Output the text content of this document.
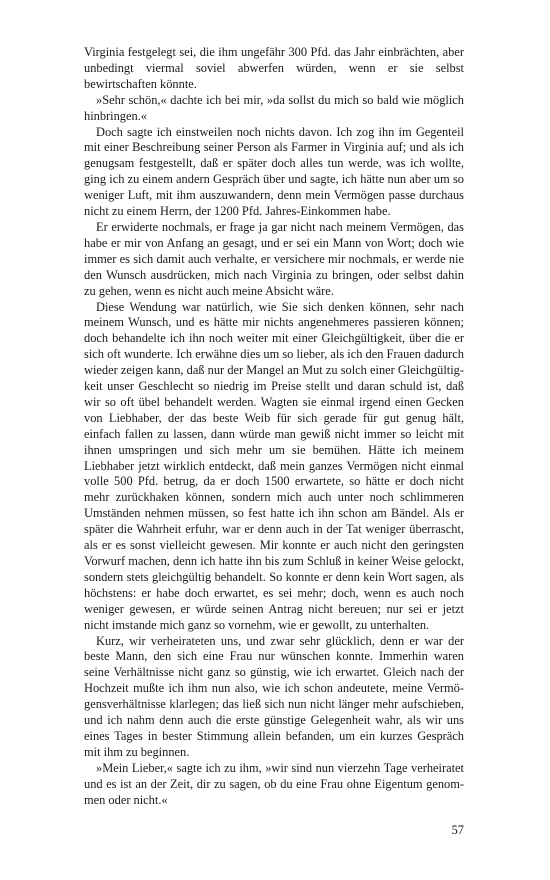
Virginia festgelegt sei, die ihm ungefähr 300 Pfd. das Jahr einbrächten, aber unbedingt viermal soviel abwerfen würden, wenn er sie selbst bewirtschaften könnte.

»Sehr schön,« dachte ich bei mir, »da sollst du mich so bald wie möglich hinbringen.«

Doch sagte ich einstweilen noch nichts davon. Ich zog ihn im Gegenteil mit einer Beschreibung seiner Person als Farmer in Virginia auf; und als ich genugsam festgestellt, daß er später doch alles tun werde, was ich wollte, ging ich zu einem andern Gespräch über und sagte, ich hätte nun aber um so weniger Luft, mit ihm auszuwandern, denn mein Vermögen passe durchaus nicht zu einem Herrn, der 1200 Pfd. Jahres-Einkommen habe.

Er erwiderte nochmals, er frage ja gar nicht nach meinem Vermögen, das habe er mir von Anfang an gesagt, und er sei ein Mann von Wort; doch wie immer es sich damit auch verhalte, er versichere mir nochmals, er werde nie den Wunsch ausdrücken, mich nach Virginia zu bringen, oder selbst dahin zu gehen, wenn es nicht auch meine Absicht wäre.

Diese Wendung war natürlich, wie Sie sich denken können, sehr nach meinem Wunsch, und es hätte mir nichts angenehmeres passieren können; doch behandelte ich ihn noch weiter mit einer Gleichgültigkeit, über die er sich oft wunderte. Ich erwähne dies um so lieber, als ich den Frauen dadurch wieder zeigen kann, daß nur der Mangel an Mut zu solch einer Gleichgültigkeit unser Geschlecht so niedrig im Preise stellt und daran schuld ist, daß wir so oft übel behandelt werden. Wagten sie einmal irgend einen Gecken von Liebhaber, der das beste Weib für sich gerade für gut genug hält, einfach fallen zu lassen, dann würde man gewiß nicht immer so leicht mit ihnen umspringen und sich mehr um sie bemühen. Hätte ich meinem Liebhaber jetzt wirklich entdeckt, daß mein ganzes Vermögen nicht einmal volle 500 Pfd. betrug, da er doch 1500 erwartete, so hätte er doch nicht mehr zurückhaken können, sondern mich auch unter noch schlimmeren Umständen nehmen müssen, so fest hatte ich ihn schon am Bändel. Als er später die Wahrheit erfuhr, war er denn auch in der Tat weniger überrascht, als er es sonst vielleicht gewesen. Mir konnte er auch nicht den geringsten Vorwurf machen, denn ich hatte ihn bis zum Schluß in keiner Weise gelockt, sondern stets gleichgültig behandelt. So konnte er denn kein Wort sagen, als höchstens: er habe doch erwartet, es sei mehr; doch, wenn es auch noch weniger gewesen, er würde seinen Antrag nicht bereuen; nur sei er jetzt nicht imstande mich ganz so vornehm, wie er gewollt, zu unterhalten.

Kurz, wir verheirateten uns, und zwar sehr glücklich, denn er war der beste Mann, den sich eine Frau nur wünschen konnte. Immerhin waren seine Verhältnisse nicht ganz so günstig, wie ich erwartet. Gleich nach der Hochzeit mußte ich ihm nun also, wie ich schon andeutete, meine Vermögensverhältnisse klarlegen; das ließ sich nun nicht länger mehr aufschieben, und ich nahm denn auch die erste günstige Gelegenheit wahr, als wir uns eines Tages in bester Stimmung allein befanden, um ein kurzes Gespräch mit ihm zu beginnen.

»Mein Lieber,« sagte ich zu ihm, »wir sind nun vierzehn Tage verheiratet und es ist an der Zeit, dir zu sagen, ob du eine Frau ohne Eigentum genommen oder nicht.«

57
